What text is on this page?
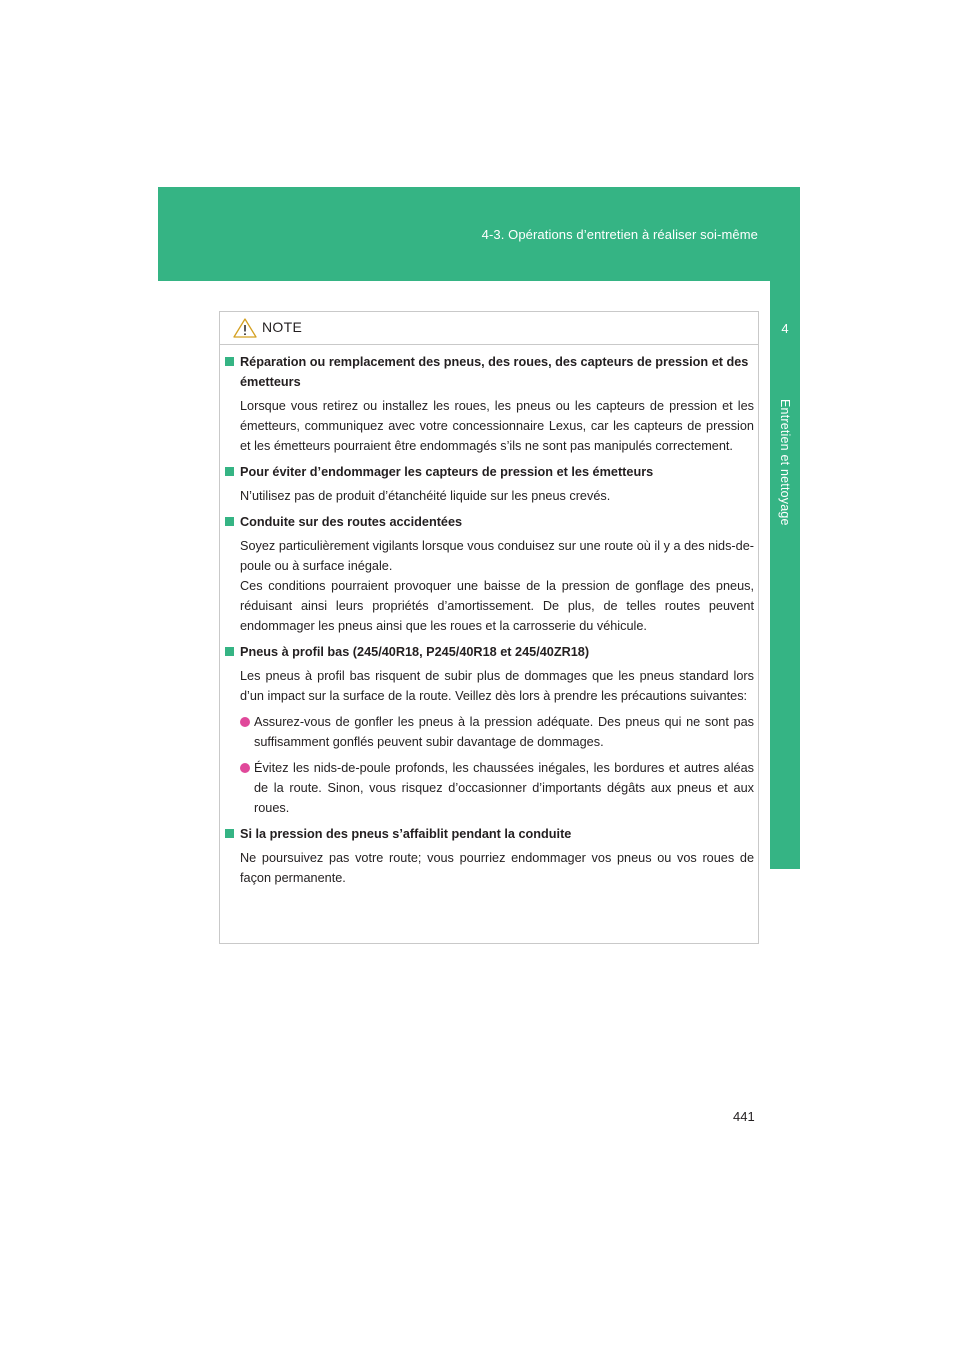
4-3. Opérations d’entretien à réaliser soi-même
4
Entretien et nettoyage
NOTE

Réparation ou remplacement des pneus, des roues, des capteurs de pression et des émetteurs

Lorsque vous retirez ou installez les roues, les pneus ou les capteurs de pression et les émetteurs, communiquez avec votre concessionnaire Lexus, car les capteurs de pression et les émetteurs pourraient être endommagés s’ils ne sont pas manipulés correctement.

Pour éviter d’endommager les capteurs de pression et les émetteurs

N’utilisez pas de produit d’étanchéité liquide sur les pneus crevés.

Conduite sur des routes accidentées

Soyez particulièrement vigilants lorsque vous conduisez sur une route où il y a des nids-de-poule ou à surface inégale.

Ces conditions pourraient provoquer une baisse de la pression de gonflage des pneus, réduisant ainsi leurs propriétés d’amortissement. De plus, de telles routes peuvent endommager les pneus ainsi que les roues et la carrosserie du véhicule.

Pneus à profil bas (245/40R18, P245/40R18 et 245/40ZR18)

Les pneus à profil bas risquent de subir plus de dommages que les pneus standard lors d’un impact sur la surface de la route. Veillez dès lors à prendre les précautions suivantes:

Assurez-vous de gonfler les pneus à la pression adéquate. Des pneus qui ne sont pas suffisamment gonflés peuvent subir davantage de dommages.
Évitez les nids-de-poule profonds, les chaussées inégales, les bordures et autres aléas de la route. Sinon, vous risquez d’occasionner d’importants dégâts aux pneus et aux roues.

Si la pression des pneus s’affaiblit pendant la conduite

Ne poursuivez pas votre route; vous pourriez endommager vos pneus ou vos roues de façon permanente.

441
